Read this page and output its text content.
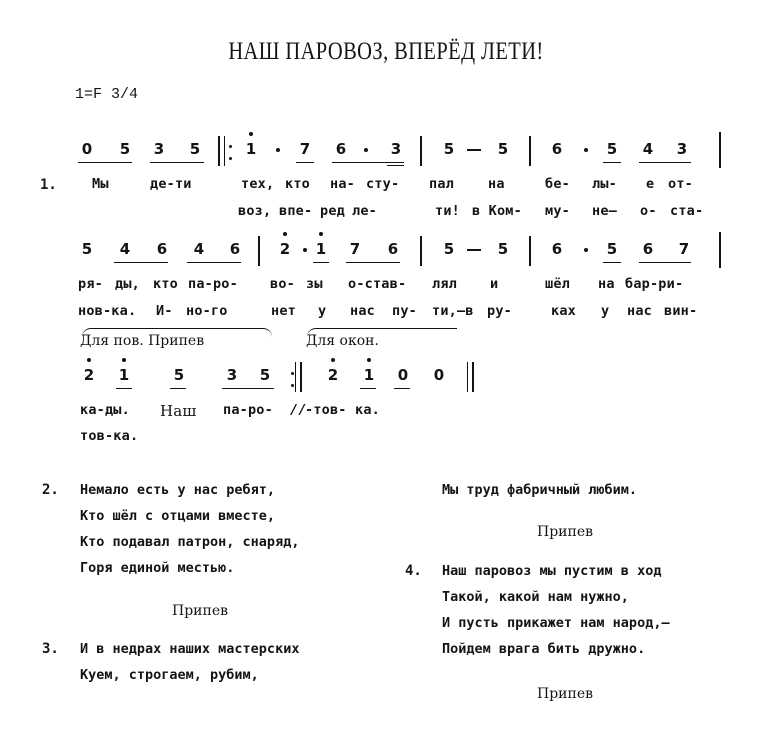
НАШ ПАРОВОЗ, ВПЕРЁД ЛЕТИ!
1=F 3/4
0 5 3 5	1	7 6	3	5	5	6	5 4 3
1.	Мы	де-ти	тех, кто на- сту- пал	на	бе- лы- е от-
воз, впе- ред ле-	ти! в Ком- му- не— о- ста-
5 4 6 4 6	2 1 7 6	5	5	6	5 6 7
ря- ды, кто па-ро- во- зы о-став- лял и	шёл на бар-ри-
нов-ка. И- но-го	нет у нас пу- ти,—в ру-	ках у нас вин-
Для пов. Припев	Для окон.
2 1	5	3 5	2 1 0 0
ка-ды. Наш па-ро- //
-тов- ка.
тов-ка.
2. Немало есть у нас ребят,
Кто шёл с отцами вместе,
Кто подавал патрон, снаряд,
Горя единой местью.
Припев
3. И в недрах наших мастерских
Куем, строгаем, рубим,
Мы труд фабричный любим.
Припев
4. Наш паровоз мы пустим в ход
Такой, какой нам нужно,
И пусть прикажет нам народ,—
Пойдем врага бить дружно.
Припев
